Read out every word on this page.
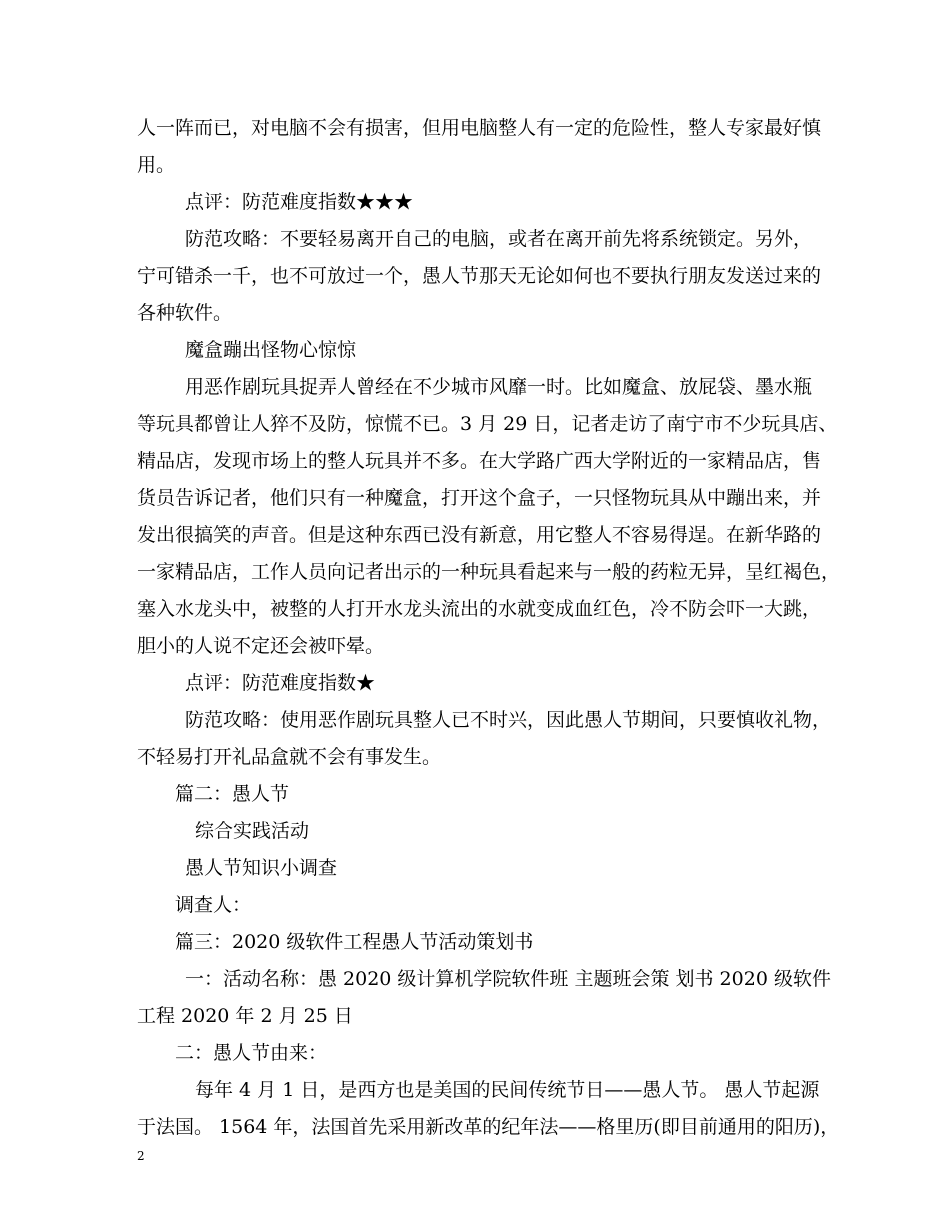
人一阵而已，对电脑不会有损害，但用电脑整人有一定的危险性，整人专家最好慎
用。
点评：防范难度指数★★★
防范攻略：不要轻易离开自己的电脑，或者在离开前先将系统锁定。另外，
宁可错杀一千，也不可放过一个，愚人节那天无论如何也不要执行朋友发送过来的
各种软件。
魔盒蹦出怪物心惊惊
用恶作剧玩具捉弄人曾经在不少城市风靡一时。比如魔盒、放屁袋、墨水瓶
等玩具都曾让人猝不及防，惊慌不已。3 月 29 日，记者走访了南宁市不少玩具店、
精品店，发现市场上的整人玩具并不多。在大学路广西大学附近的一家精品店，售
货员告诉记者，他们只有一种魔盒，打开这个盒子，一只怪物玩具从中蹦出来，并
发出很搞笑的声音。但是这种东西已没有新意，用它整人不容易得逞。在新华路的
一家精品店，工作人员向记者出示的一种玩具看起来与一般的药粒无异，呈红褐色，
塞入水龙头中，被整的人打开水龙头流出的水就变成血红色，冷不防会吓一大跳，
胆小的人说不定还会被吓晕。
点评：防范难度指数★
防范攻略：使用恶作剧玩具整人已不时兴，因此愚人节期间，只要慎收礼物，
不轻易打开礼品盒就不会有事发生。
篇二：愚人节
综合实践活动
愚人节知识小调查
调查人：
篇三：2020 级软件工程愚人节活动策划书
一：活动名称：愚 2020 级计算机学院软件班 主题班会策 划书 2020 级软件
工程 2020 年 2 月 25 日
二：愚人节由来：
每年 4 月 1 日，是西方也是美国的民间传统节日——愚人节。 愚人节起源
于法国。 1564 年，法国首先采用新改革的纪年法——格里历(即目前通用的阳历)，
2
